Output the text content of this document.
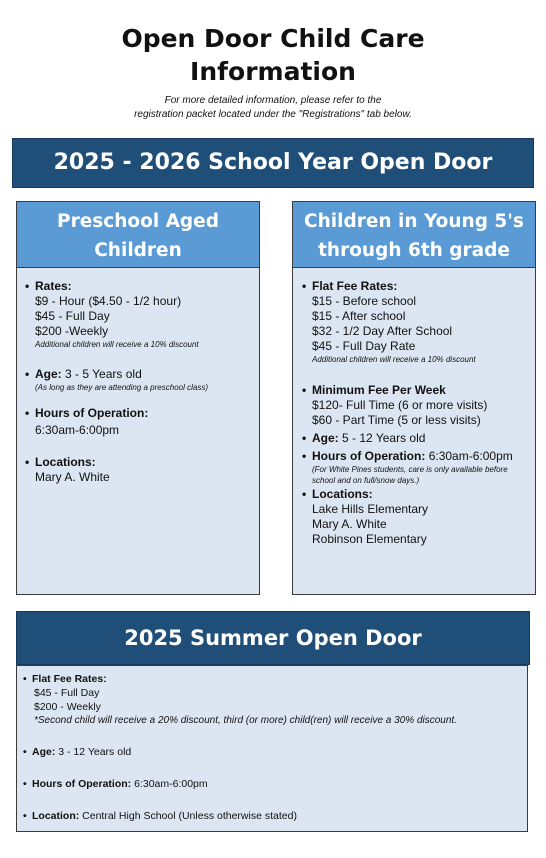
Open Door Child Care
Information
For more detailed information, please refer to the
registration packet located under the "Registrations" tab below.
2025 - 2026 School Year Open Door
Preschool Aged
Children
• Rates:
$9 - Hour ($4.50 - 1/2 hour)
$45 - Full Day
$200 -Weekly
Additional children will receive a 10% discount
• Age: 3 - 5 Years old
(As long as they are attending a preschool class)
• Hours of Operation:
6:30am-6:00pm
• Locations:
Mary A. White
Children in Young 5's
through 6th grade
• Flat Fee Rates:
$15 - Before school
$15 - After school
$32 - 1/2 Day After School
$45 - Full Day Rate
Additional children will receive a 10% discount
• Minimum Fee Per Week
$120- Full Time (6 or more visits)
$60 - Part Time (5 or less visits)
• Age: 5 - 12 Years old
• Hours of Operation: 6:30am-6:00pm
(For White Pines students, care is only available before
school and on full/snow days.)
• Locations:
Lake Hills Elementary
Mary A. White
Robinson Elementary
2025 Summer Open Door
• Flat Fee Rates:
$45 - Full Day
$200 - Weekly
*Second child will receive a 20% discount, third (or more) child(ren) will receive a 30% discount.
• Age: 3 - 12 Years old
• Hours of Operation: 6:30am-6:00pm
• Location: Central High School (Unless otherwise stated)
